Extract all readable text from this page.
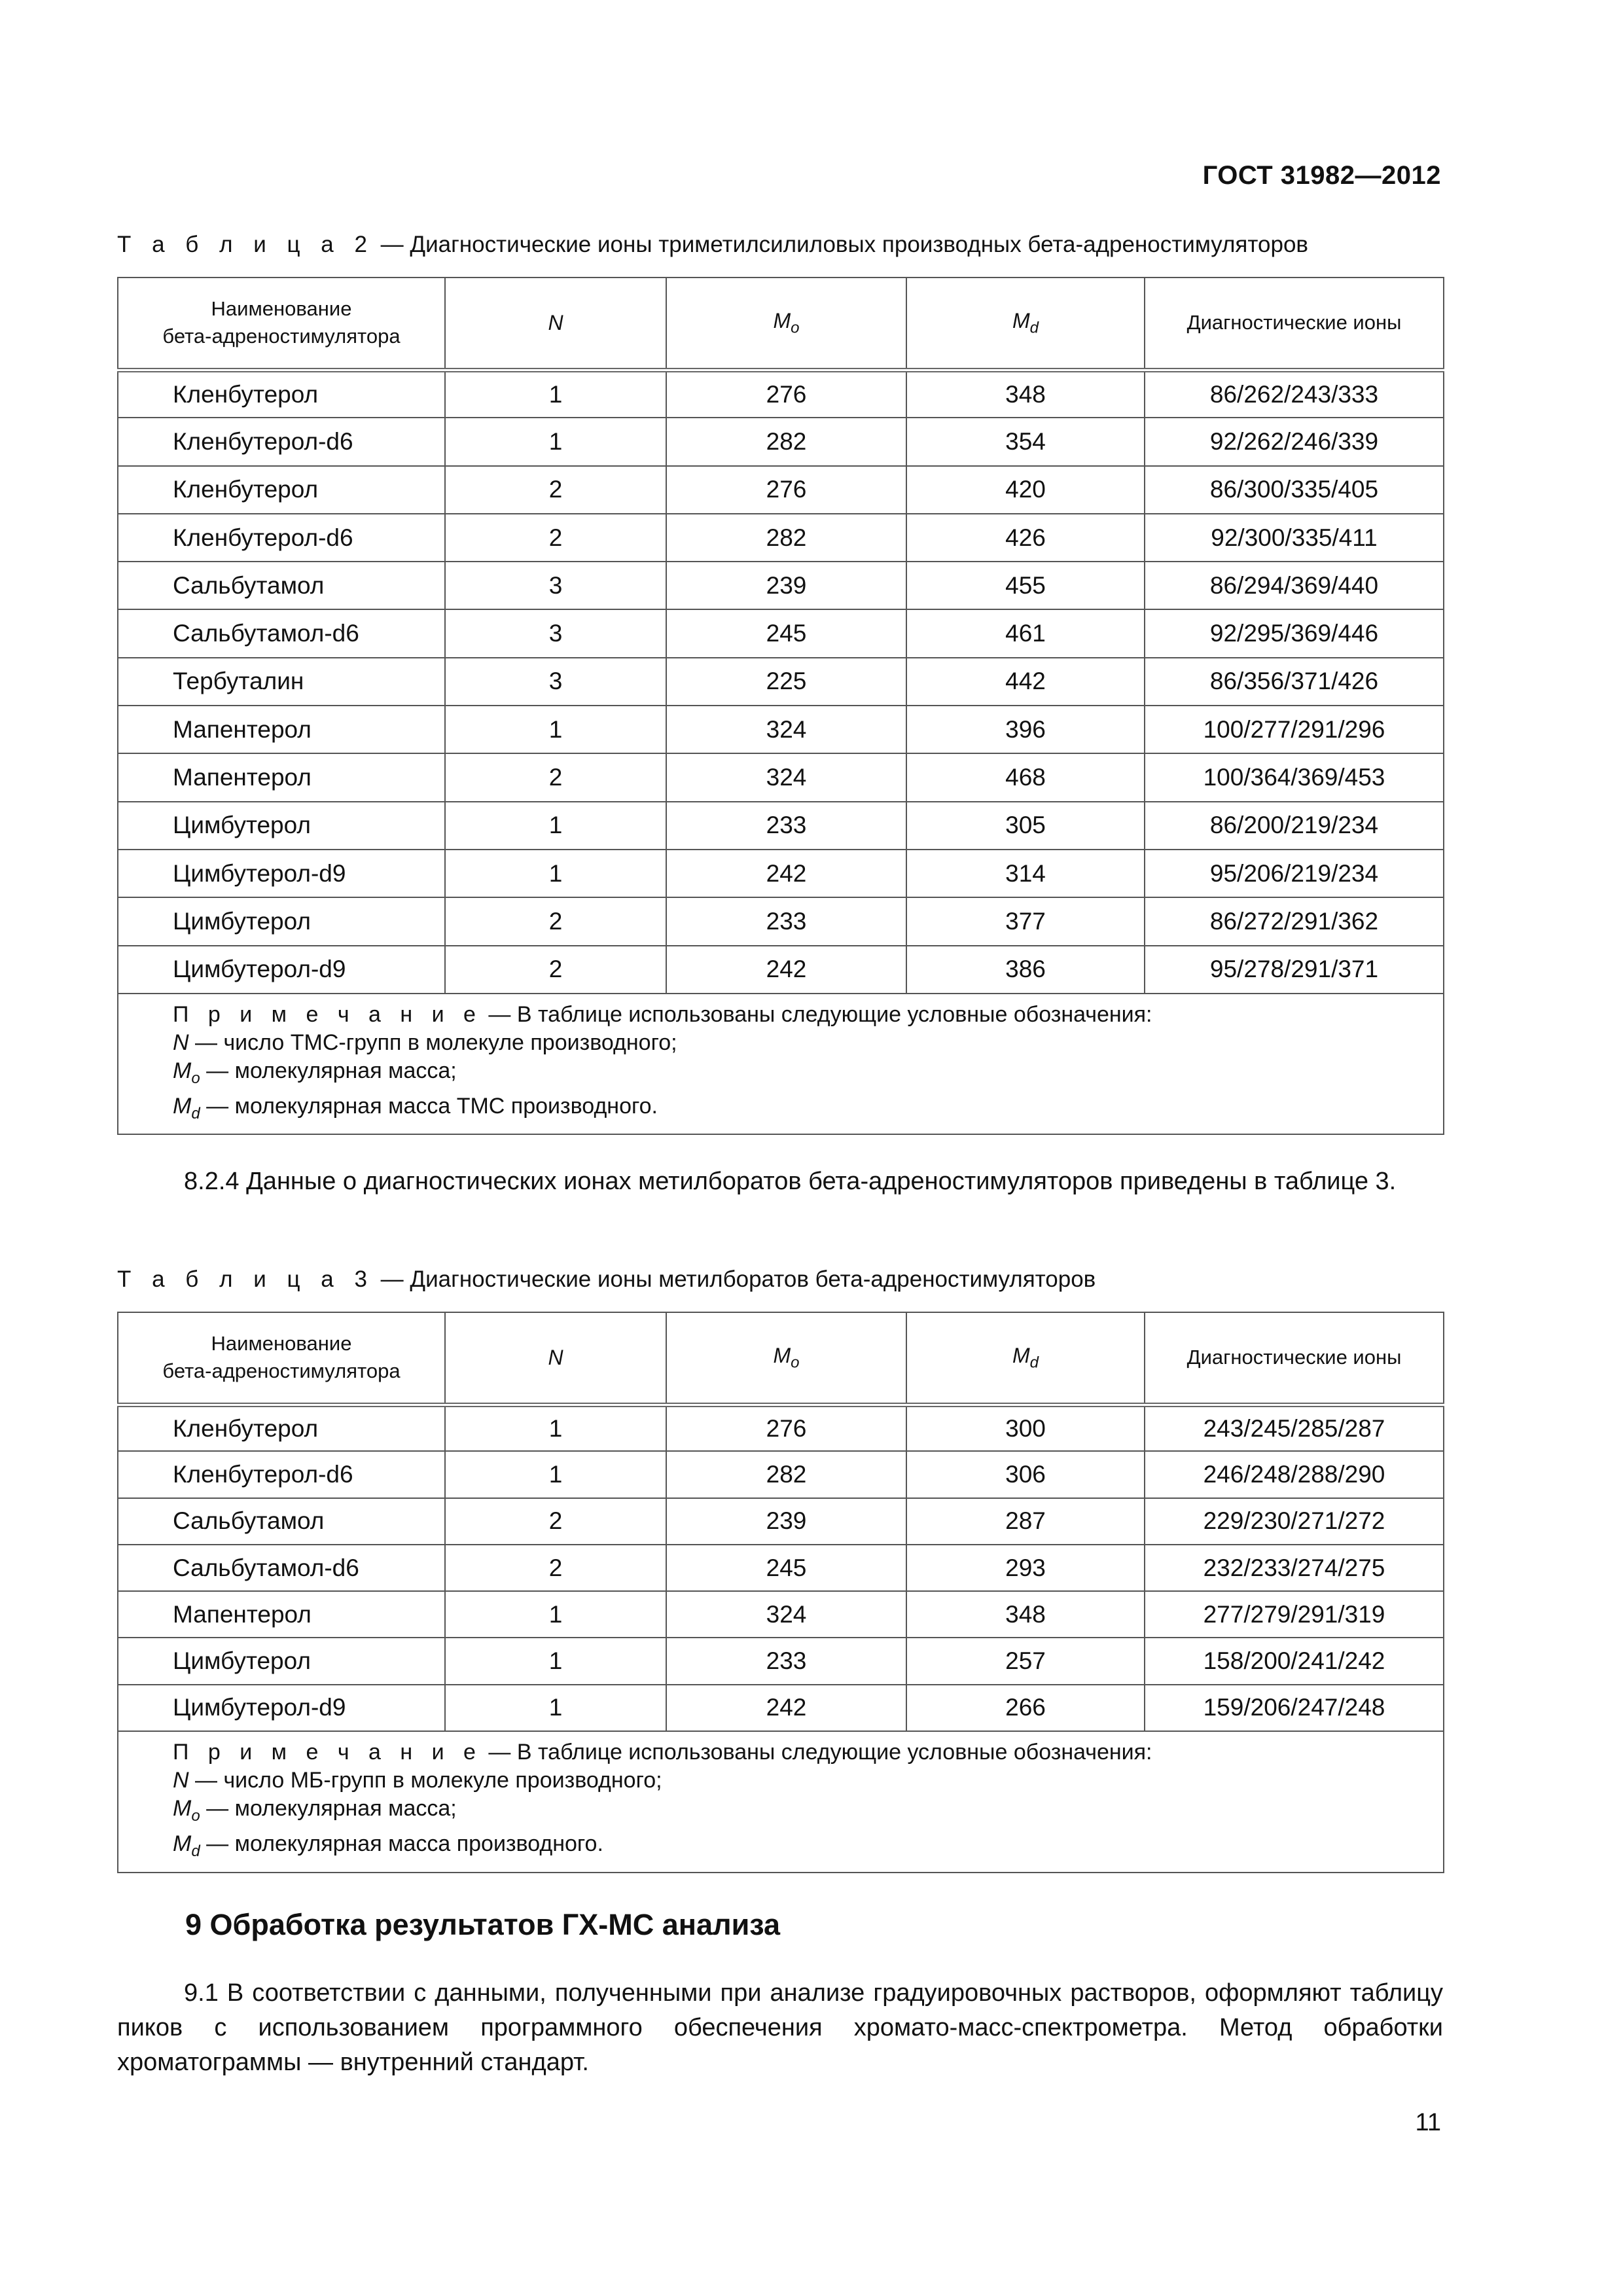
ГОСТ 31982—2012
Т а б л и ц а 2 — Диагностические ионы триметилсилиловых производных бета-адреностимуляторов
Наименование
бета-адреностимулятора	N	$M_o$	$M_d$	Диагностические ионы
Кленбутерол	1	276	348	86/262/243/333
Кленбутерол-d6	1	282	354	92/262/246/339
Кленбутерол	2	276	420	86/300/335/405
Кленбутерол-d6	2	282	426	92/300/335/411
Сальбутамол	3	239	455	86/294/369/440
Сальбутамол-d6	3	245	461	92/295/369/446
Тербуталин	3	225	442	86/356/371/426
Мапентерол	1	324	396	100/277/291/296
Мапентерол	2	324	468	100/364/369/453
Цимбутерол	1	233	305	86/200/219/234
Цимбутерол-d9	1	242	314	95/206/219/234
Цимбутерол	2	233	377	86/272/291/362
Цимбутерол-d9	2	242	386	95/278/291/371
П р и м е ч а н и е — В таблице использованы следующие условные обозначения:
N — число ТМС-групп в молекуле производного;
$M_o$ — молекулярная масса;
$M_d$ — молекулярная масса ТМС производного.				
8.2.4 Данные о диагностических ионах метилборатов бета-адреностимуляторов приведены в таблице 3.
Т а б л и ц а 3 — Диагностические ионы метилборатов бета-адреностимуляторов
Наименование
бета-адреностимулятора	N	$M_o$	$M_d$	Диагностические ионы
Кленбутерол	1	276	300	243/245/285/287
Кленбутерол-d6	1	282	306	246/248/288/290
Сальбутамол	2	239	287	229/230/271/272
Сальбутамол-d6	2	245	293	232/233/274/275
Мапентерол	1	324	348	277/279/291/319
Цимбутерол	1	233	257	158/200/241/242
Цимбутерол-d9	1	242	266	159/206/247/248
П р и м е ч а н и е — В таблице использованы следующие условные обозначения:
N — число МБ-групп в молекуле производного;
$M_o$ — молекулярная масса;
$M_d$ — молекулярная масса производного.				
9 Обработка результатов ГХ-МС анализа
9.1 В соответствии с данными, полученными при анализе градуировочных растворов, оформляют таблицу пиков с использованием программного обеспечения хромато-масс-спектрометра. Метод обработки хроматограммы — внутренний стандарт.
11
